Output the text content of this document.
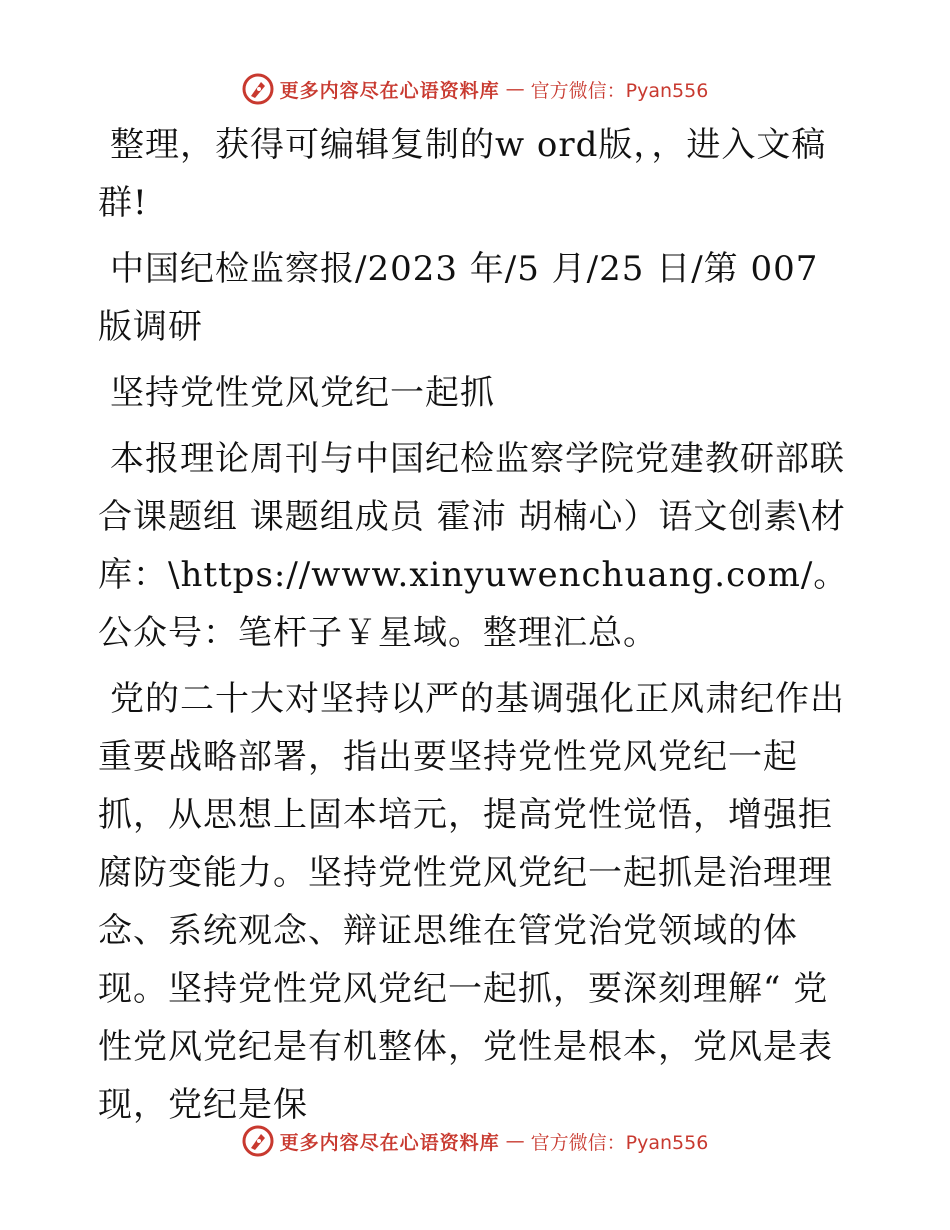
更多内容尽在心语资料库 — 官方微信：Pyan556

整理，获得可编辑复制的w ord版，，进入文稿群!

中国纪检监察报/2023 年/5 月/25 日/第 007 版调研

坚持党性党风党纪一起抓

本报理论周刊与中国纪检监察学院党建教研部联合课题组 课题组成员 霍沛 胡楠心）语文创素\材库：\https://www.xinyuwenchuang.com/。公众号：笔杆子￥星域。整理汇总。

党的二十大对坚持以严的基调强化正风肃纪作出重要战略部署，指出要坚持党性党风党纪一起抓，从思想上固本培元，提高党性觉悟，增强拒腐防变能力。坚持党性党风党纪一起抓是治理理念、系统观念、辩证思维在管党治党领域的体现。坚持党性党风党纪一起抓，要深刻理解“ 党性党风党纪是有机整体，党性是根本，党风是表现，党纪是保

更多内容尽在心语资料库 — 官方微信：Pyan556
